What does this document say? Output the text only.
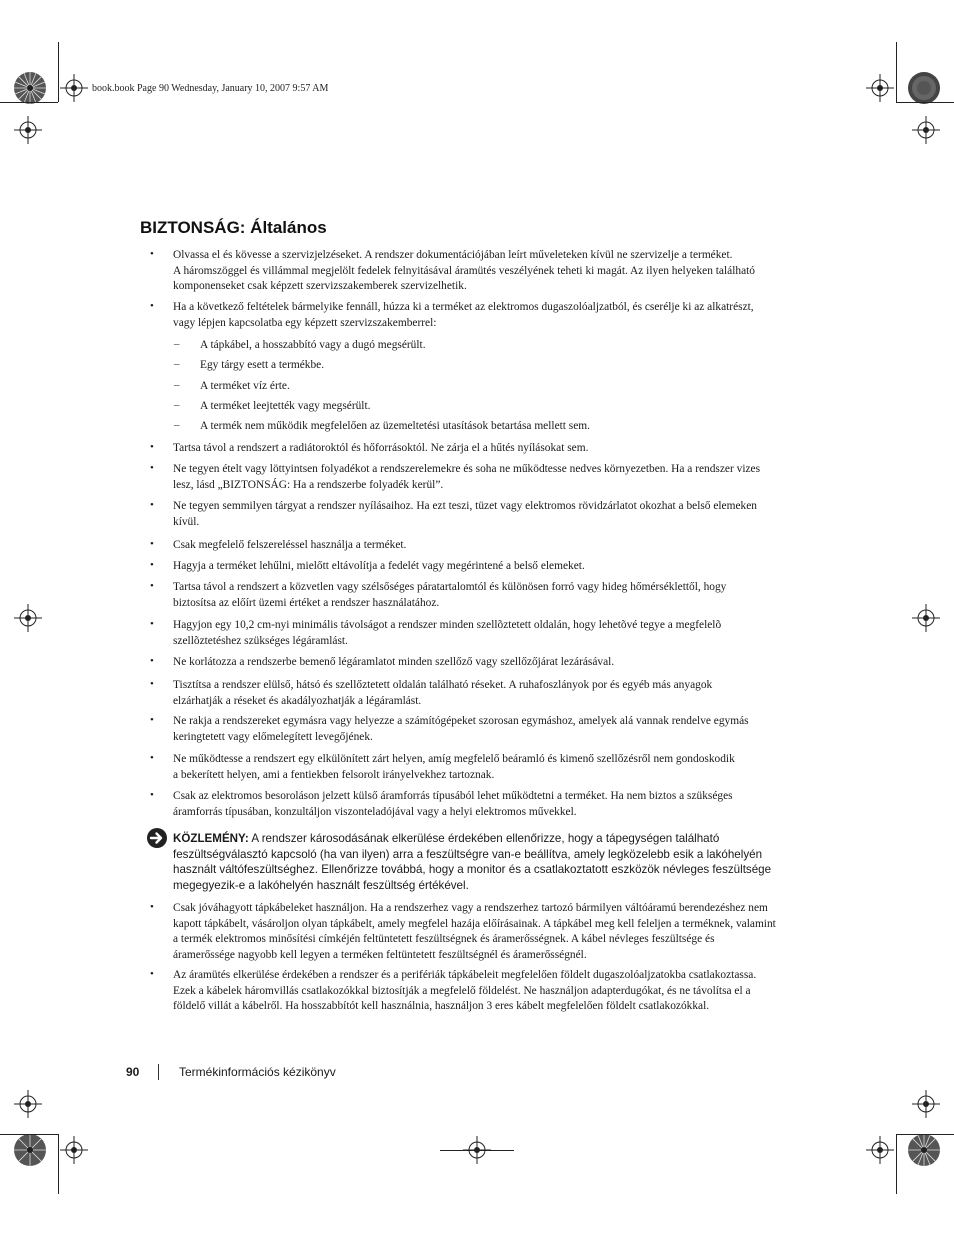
book.book Page 90 Wednesday, January 10, 2007 9:57 AM
BIZTONSÁG: Általános
•	Olvassa el és kövesse a szervizjelzéseket. A rendszer dokumentációjában leírt műveleteken kívül ne szervizelje a terméket.
A háromszöggel és villámmal megjelölt fedelek felnyitásával áramütés veszélyének teheti ki magát. Az ilyen helyeken található
komponenseket csak képzett szervizszakemberek szervizelhetik.
•	Ha a következő feltételek bármelyike fennáll, húzza ki a terméket az elektromos dugaszolóaljzatból, és cserélje ki az alkatrészt,
vagy lépjen kapcsolatba egy képzett szervizszakemberrel:
– A tápkábel, a hosszabbító vagy a dugó megsérült.
– Egy tárgy esett a termékbe.
– A terméket víz érte.
– A terméket leejtették vagy megsérült.
– A termék nem működik megfelelően az üzemeltetési utasítások betartása mellett sem.
•	Tartsa távol a rendszert a radiátoroktól és hőforrásoktól. Ne zárja el a hűtés nyílásokat sem.
•	Ne tegyen ételt vagy löttyintsen folyadékot a rendszerelemekre és soha ne működtesse nedves környezetben. Ha a rendszer vizes
lesz, lásd „BIZTONSÁG: Ha a rendszerbe folyadék kerül”.
•	Ne tegyen semmilyen tárgyat a rendszer nyílásaihoz. Ha ezt teszi, tüzet vagy elektromos rövidzárlatot okozhat a belső elemeken
kívül.
•	Csak megfelelő felszereléssel használja a terméket.
•	Hagyja a terméket lehűlni, mielőtt eltávolítja a fedelét vagy megérintené a belső elemeket.
•	Tartsa távol a rendszert a közvetlen vagy szélsőséges páratartalomtól és különösen forró vagy hideg hőmérséklettől, hogy
biztosítsa az előírt üzemi értéket a rendszer használatához.
•	Hagyjon egy 10,2 cm-nyi minimális távolságot a rendszer minden szellõztetett oldalán, hogy lehetõvé tegye a megfelelõ
szellõztetéshez szükséges légáramlást.
•	Ne korlátozza a rendszerbe bemenő légáramlatot minden szellőző vagy szellőzőjárat lezárásával.
•	Tisztítsa a rendszer elülső, hátsó és szellőztetett oldalán található réseket. A ruhafoszlányok por és egyéb más anyagok
elzárhatják a réseket és akadályozhatják a légáramlást.
•	Ne rakja a rendszereket egymásra vagy helyezze a számítógépeket szorosan egymáshoz, amelyek alá vannak rendelve egymás
keringtetett vagy előmelegített levegőjének.
•	Ne működtesse a rendszert egy elkülönített zárt helyen, amíg megfelelő beáramló és kimenő szellőzésről nem gondoskodik
a bekerített helyen, ami a fentiekben felsorolt irányelvekhez tartoznak.
•	Csak az elektromos besoroláson jelzett külső áramforrás típusából lehet működtetni a terméket. Ha nem biztos a szükséges
áramforrás típusában, konzultáljon viszonteladójával vagy a helyi elektromos művekkel.
•	Csak jóváhagyott tápkábeleket használjon. Ha a rendszerhez vagy a rendszerhez tartozó bármilyen váltóáramú berendezéshez nem
kapott tápkábelt, vásároljon olyan tápkábelt, amely megfelel hazája előírásainak. A tápkábel meg kell feleljen a terméknek, valamint
a termék elektromos minősítési címkéjén feltüntetett feszültségnek és áramerősségnek. A kábel névleges feszültsége és
áramerőssége nagyobb kell legyen a terméken feltüntetett feszültségnél és áramerősségnél.
•	Az áramütés elkerülése érdekében a rendszer és a perifériák tápkábeleit megfelelően földelt dugaszolóaljzatokba csatlakoztassa.
Ezek a kábelek háromvillás csatlakozókkal biztosítják a megfelelő földelést. Ne használjon adapterdugókat, és ne távolítsa el a
földelő villát a kábelről. Ha hosszabbítót kell használnia, használjon 3 eres kábelt megfelelően földelt csatlakozókkal.
KÖZLEMÉNY: A rendszer károsodásának elkerülése érdekében ellenőrizze, hogy a tápegységen található
feszültségválasztó kapcsoló (ha van ilyen) arra a feszültségre van-e beállítva, amely legközelebb esik a lakóhelyén
használt váltófeszültséghez. Ellenőrizze továbbá, hogy a monitor és a csatlakoztatott eszközök névleges feszültsége
megegyezik-e a lakóhelyén használt feszültség értékével.
90	Termékinformációs kézikönyv
